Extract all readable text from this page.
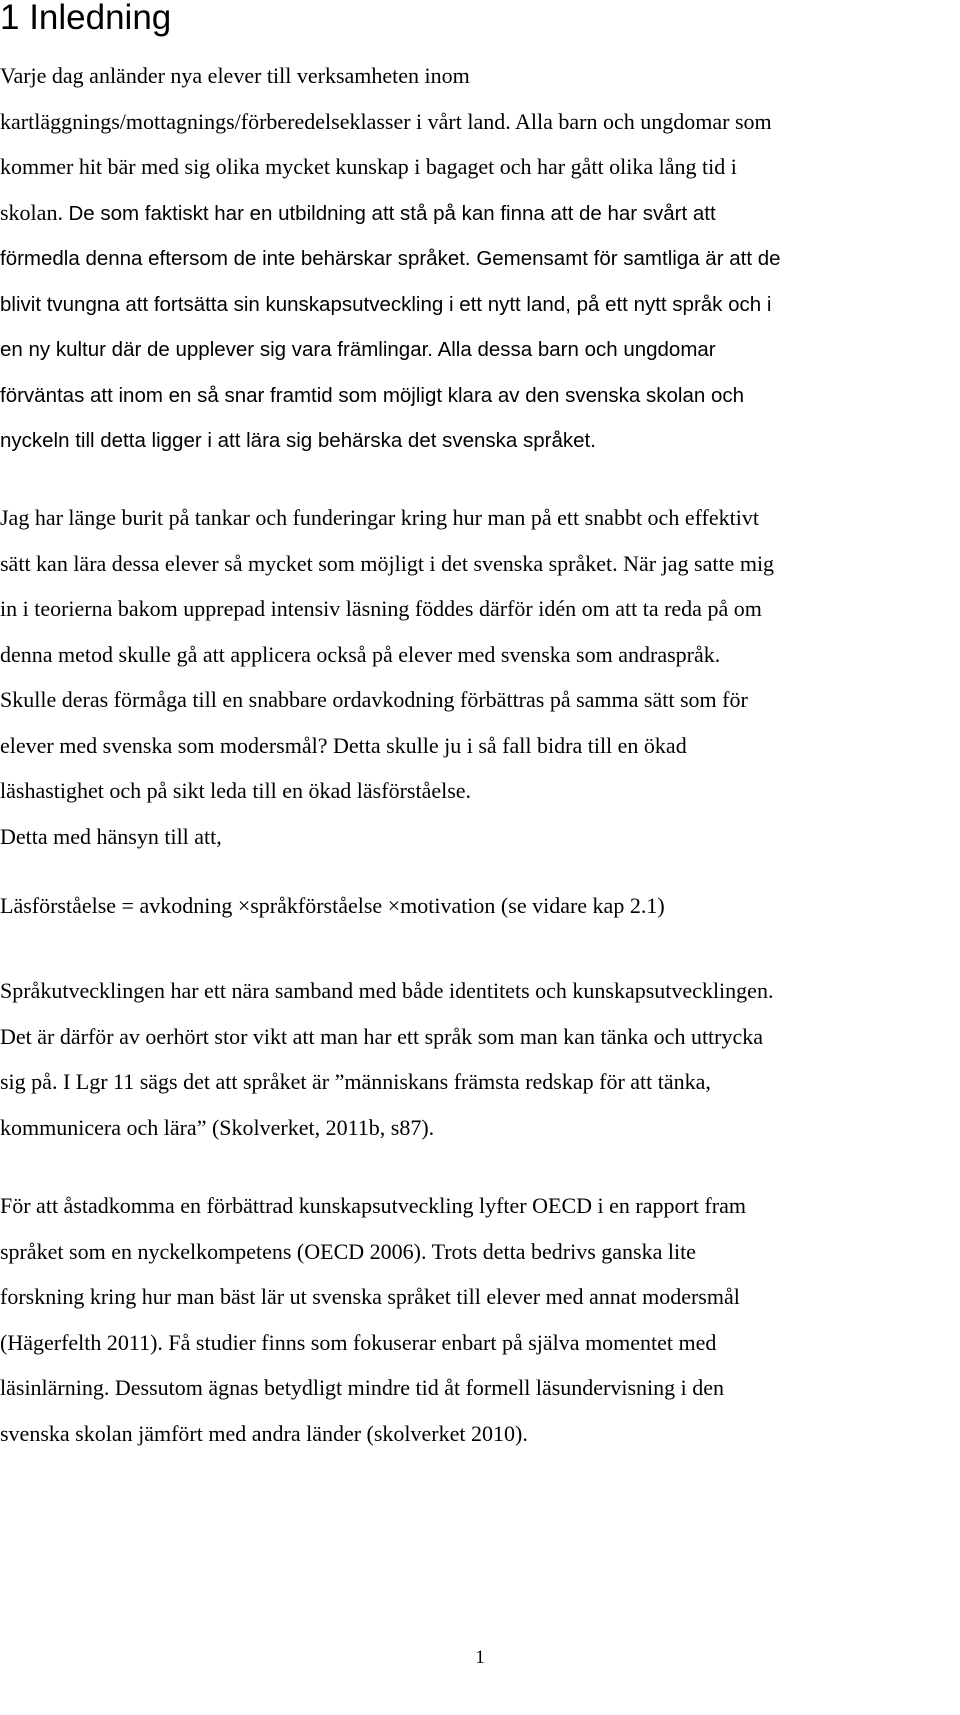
1 Inledning
Varje dag anländer nya elever till verksamheten inom
kartläggnings/mottagnings/förberedelseklasser i vårt land. Alla barn och ungdomar som
kommer hit bär med sig olika mycket kunskap i bagaget och har gått olika lång tid i
skolan. De som faktiskt har en utbildning att stå på kan finna att de har svårt att
förmedla denna eftersom de inte behärskar språket. Gemensamt för samtliga är att de
blivit tvungna att fortsätta sin kunskapsutveckling i ett nytt land, på ett nytt språk och i
en ny kultur där de upplever sig vara främlingar. Alla dessa barn och ungdomar
förväntas att inom en så snar framtid som möjligt klara av den svenska skolan och
nyckeln till detta ligger i att lära sig behärska det svenska språket.
Jag har länge burit på tankar och funderingar kring hur man på ett snabbt och effektivt
sätt kan lära dessa elever så mycket som möjligt i det svenska språket. När jag satte mig
in i teorierna bakom upprepad intensiv läsning föddes därför idén om att ta reda på om
denna metod skulle gå att applicera också på elever med svenska som andraspråk.
Skulle deras förmåga till en snabbare ordavkodning förbättras på samma sätt som för
elever med svenska som modersmål? Detta skulle ju i så fall bidra till en ökad
läshastighet och på sikt leda till en ökad läsförståelse.
Detta med hänsyn till att,
Läsförståelse = avkodning ×språkförståelse ×motivation (se vidare kap 2.1)
Språkutvecklingen har ett nära samband med både identitets och kunskapsutvecklingen.
Det är därför av oerhört stor vikt att man har ett språk som man kan tänka och uttrycka
sig på. I Lgr 11 sägs det att språket är ”människans främsta redskap för att tänka,
kommunicera och lära” (Skolverket, 2011b, s87).
För att åstadkomma en förbättrad kunskapsutveckling lyfter OECD i en rapport fram
språket som en nyckelkompetens (OECD 2006). Trots detta bedrivs ganska lite
forskning kring hur man bäst lär ut svenska språket till elever med annat modersmål
(Hägerfelth 2011). Få studier finns som fokuserar enbart på själva momentet med
läsinlärning. Dessutom ägnas betydligt mindre tid åt formell läsundervisning i den
svenska skolan jämfört med andra länder (skolverket 2010).

1
